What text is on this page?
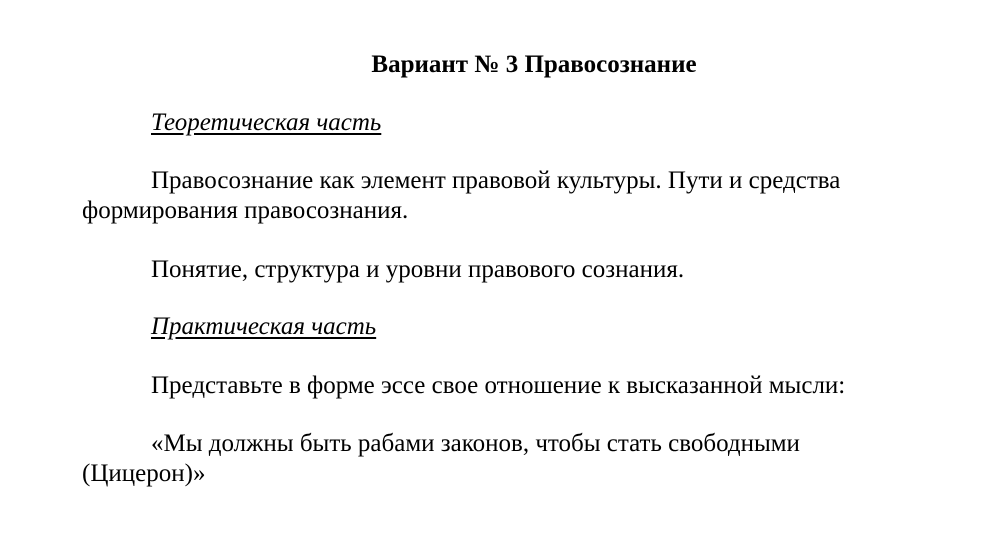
Вариант № 3 Правосознание
Теоретическая часть

Правосознание как элемент правовой культуры. Пути и средства формирования правосознания.

Понятие, структура и уровни правового сознания.

Практическая часть

Представьте в форме эссе свое отношение к высказанной мысли:

«Мы должны быть рабами законов, чтобы стать свободными (Цицерон)»
